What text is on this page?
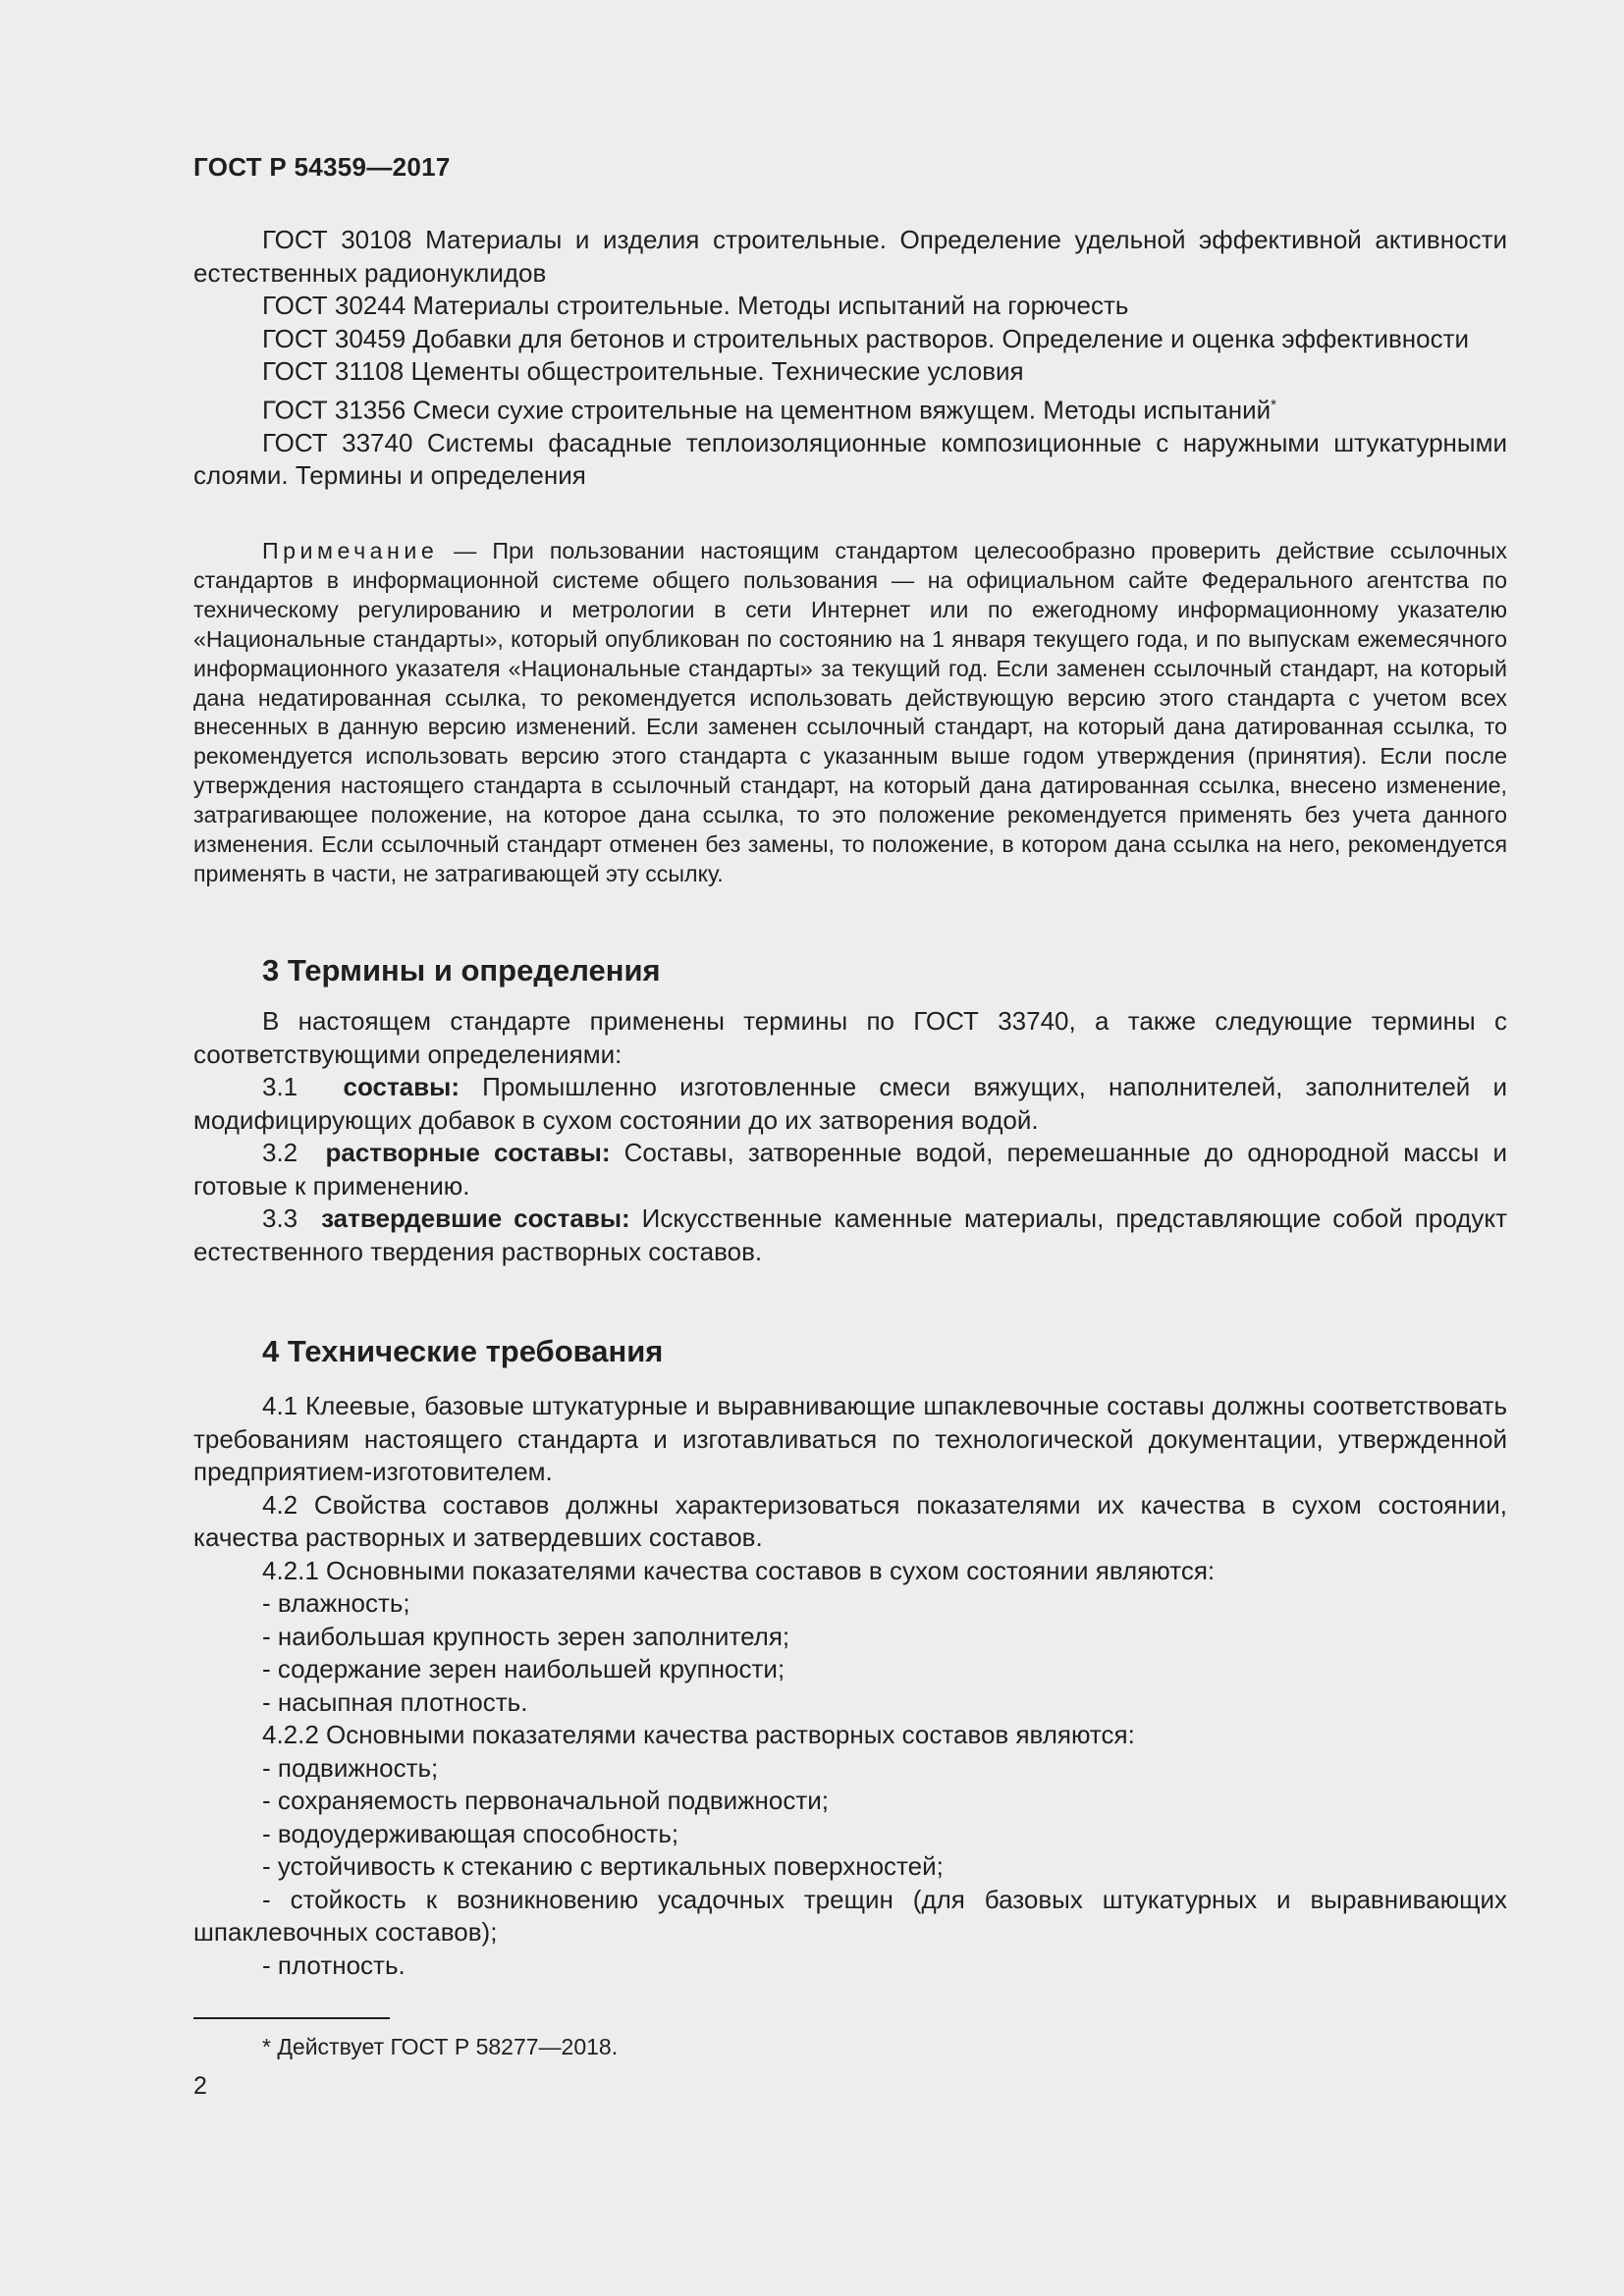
ГОСТ Р 54359—2017

ГОСТ 30108 Материалы и изделия строительные. Определение удельной эффективной активности естественных радионуклидов

ГОСТ 30244 Материалы строительные. Методы испытаний на горючесть

ГОСТ 30459 Добавки для бетонов и строительных растворов. Определение и оценка эффективности

ГОСТ 31108 Цементы общестроительные. Технические условия

ГОСТ 31356 Смеси сухие строительные на цементном вяжущем. Методы испытаний*

ГОСТ 33740 Системы фасадные теплоизоляционные композиционные с наружными штукатурными слоями. Термины и определения

Примечание — При пользовании настоящим стандартом целесообразно проверить действие ссылочных стандартов в информационной системе общего пользования — на официальном сайте Федерального агентства по техническому регулированию и метрологии в сети Интернет или по ежегодному информационному указателю «Национальные стандарты», который опубликован по состоянию на 1 января текущего года, и по выпускам ежемесячного информационного указателя «Национальные стандарты» за текущий год. Если заменен ссылочный стандарт, на который дана недатированная ссылка, то рекомендуется использовать действующую версию этого стандарта с учетом всех внесенных в данную версию изменений. Если заменен ссылочный стандарт, на который дана датированная ссылка, то рекомендуется использовать версию этого стандарта с указанным выше годом утверждения (принятия). Если после утверждения настоящего стандарта в ссылочный стандарт, на который дана датированная ссылка, внесено изменение, затрагивающее положение, на которое дана ссылка, то это положение рекомендуется применять без учета данного изменения. Если ссылочный стандарт отменен без замены, то положение, в котором дана ссылка на него, рекомендуется применять в части, не затрагивающей эту ссылку.

3 Термины и определения

В настоящем стандарте применены термины по ГОСТ 33740, а также следующие термины с соответствующими определениями:

3.1 составы: Промышленно изготовленные смеси вяжущих, наполнителей, заполнителей и модифицирующих добавок в сухом состоянии до их затворения водой.

3.2 растворные составы: Составы, затворенные водой, перемешанные до однородной массы и готовые к применению.

3.3 затвердевшие составы: Искусственные каменные материалы, представляющие собой продукт естественного твердения растворных составов.

4 Технические требования

4.1 Клеевые, базовые штукатурные и выравнивающие шпаклевочные составы должны соответствовать требованиям настоящего стандарта и изготавливаться по технологической документации, утвержденной предприятием-изготовителем.

4.2 Свойства составов должны характеризоваться показателями их качества в сухом состоянии, качества растворных и затвердевших составов.

4.2.1 Основными показателями качества составов в сухом состоянии являются:

- влажность;

- наибольшая крупность зерен заполнителя;

- содержание зерен наибольшей крупности;

- насыпная плотность.

4.2.2 Основными показателями качества растворных составов являются:

- подвижность;

- сохраняемость первоначальной подвижности;

- водоудерживающая способность;

- устойчивость к стеканию с вертикальных поверхностей;

- стойкость к возникновению усадочных трещин (для базовых штукатурных и выравнивающих шпаклевочных составов);

- плотность.

* Действует ГОСТ Р 58277—2018.
2
